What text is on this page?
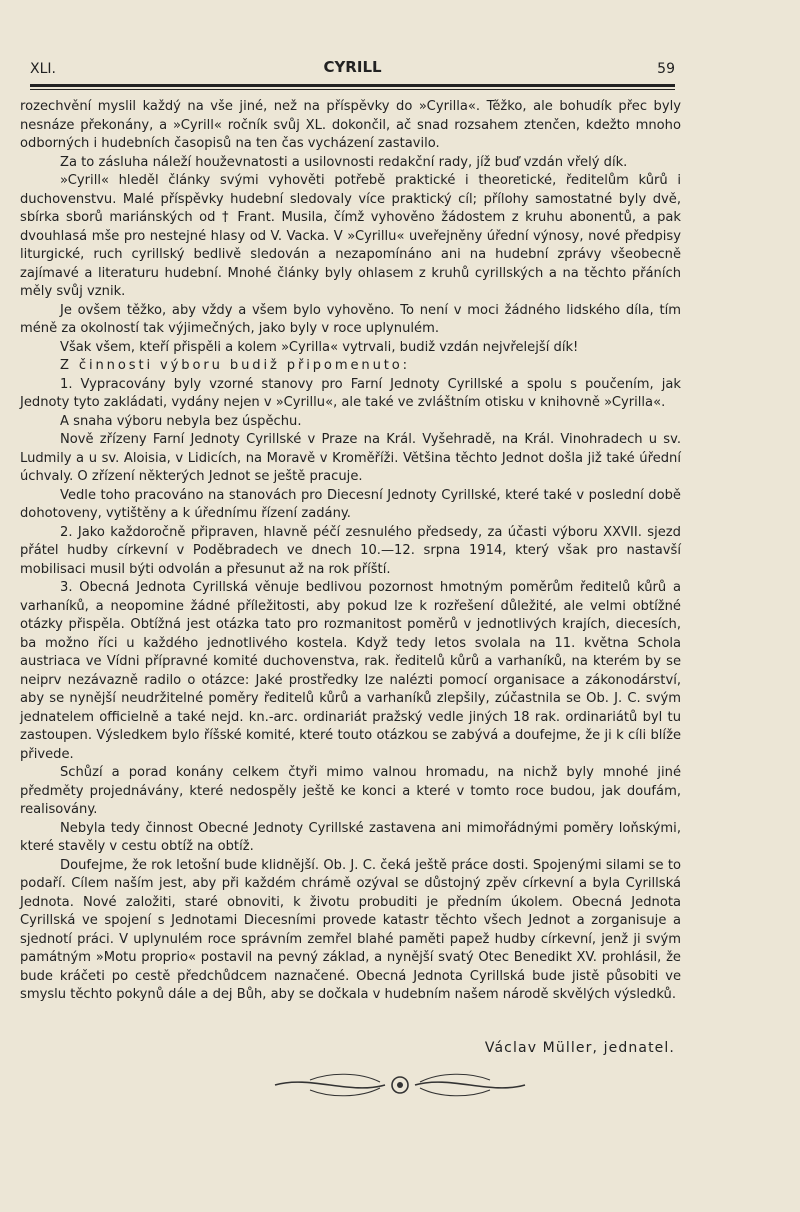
XLI.	CYRILL	59

rozechvění myslil každý na vše jiné, než na příspěvky do »Cyrilla«. Těžko, ale bohudík přec byly nesnáze překonány, a »Cyrill« ročník svůj XL. dokončil, ač snad rozsahem ztenčen, kdežto mnoho odborných i hudebních časopisů na ten čas vycházení zastavilo.

Za to zásluha náleží houževnatosti a usilovnosti redakční rady, jíž buď vzdán vřelý dík.

»Cyrill« hleděl články svými vyhověti potřebě praktické i theoretické, ředitelům kůrů i duchovenstvu. Malé příspěvky hudební sledovaly více praktický cíl; přílohy samostatné byly dvě, sbírka sborů mariánských od † Frant. Musila, čímž vyhověno žádostem z kruhu abonentů, a pak dvouhlasá mše pro nestejné hlasy od V. Vacka. V »Cyrillu« uveřejněny úřední výnosy, nové předpisy liturgické, ruch cyrillský bedlivě sledován a nezapomínáno ani na hudební zprávy všeobecně zajímavé a literaturu hudební. Mnohé články byly ohlasem z kruhů cyrillských a na těchto přáních měly svůj vznik.

Je ovšem těžko, aby vždy a všem bylo vyhověno. To není v moci žádného lidského díla, tím méně za okolností tak výjimečných, jako byly v roce uplynulém.

Však všem, kteří přispěli a kolem »Cyrilla« vytrvali, budiž vzdán nejvřelejší dík!

Z činnosti výboru budiž připomenuto:

1. Vypracovány byly vzorné stanovy pro Farní Jednoty Cyrillské a spolu s poučením, jak Jednoty tyto zakládati, vydány nejen v »Cyrillu«, ale také ve zvláštním otisku v knihovně »Cyrilla«.

A snaha výboru nebyla bez úspěchu.

Nově zřízeny Farní Jednoty Cyrillské v Praze na Král. Vyšehradě, na Král. Vinohradech u sv. Ludmily a u sv. Aloisia, v Lidicích, na Moravě v Kroměříži. Většina těchto Jednot došla již také úřední úchvaly. O zřízení některých Jednot se ještě pracuje.

Vedle toho pracováno na stanovách pro Diecesní Jednoty Cyrillské, které také v poslední době dohotoveny, vytištěny a k úřednímu řízení zadány.

2. Jako každoročně připraven, hlavně péčí zesnulého předsedy, za účasti výboru XXVII. sjezd přátel hudby církevní v Poděbradech ve dnech 10.—12. srpna 1914, který však pro nastavší mobilisaci musil býti odvolán a přesunut až na rok příští.

3. Obecná Jednota Cyrillská věnuje bedlivou pozornost hmotným poměrům ředitelů kůrů a varhaníků, a neopomine žádné příležitosti, aby pokud lze k rozřešení důležité, ale velmi obtížné otázky přispěla. Obtížná jest otázka tato pro rozmanitost poměrů v jednotlivých krajích, diecesích, ba možno říci u každého jednotlivého kostela. Když tedy letos svolala na 11. května Schola austriaca ve Vídni přípravné komité duchovenstva, rak. ředitelů kůrů a varhaníků, na kterém by se neiprv nezávazně radilo o otázce: Jaké prostředky lze nalézti pomocí organisace a zákonodárství, aby se nynější neudržitelné poměry ředitelů kůrů a varhaníků zlepšily, zúčastnila se Ob. J. C. svým jednatelem officielně a také nejd. kn.-arc. ordinariát pražský vedle jiných 18 rak. ordinariátů byl tu zastoupen. Výsledkem bylo říšské komité, které touto otázkou se zabývá a doufejme, že ji k cíli blíže přivede.

Schůzí a porad konány celkem čtyři mimo valnou hromadu, na nichž byly mnohé jiné předměty projednávány, které nedospěly ještě ke konci a které v tomto roce budou, jak doufám, realisovány.

Nebyla tedy činnost Obecné Jednoty Cyrillské zastavena ani mimořádnými poměry loňskými, které stavěly v cestu obtíž na obtíž.

Doufejme, že rok letošní bude klidnější. Ob. J. C. čeká ještě práce dosti. Spojenými silami se to podaří. Cílem naším jest, aby při každém chrámě ozýval se důstojný zpěv církevní a byla Cyrillská Jednota. Nové založiti, staré obnoviti, k životu probuditi je předním úkolem. Obecná Jednota Cyrillská ve spojení s Jednotami Diecesními provede katastr těchto všech Jednot a zorganisuje a sjednotí práci. V uplynulém roce správním zemřel blahé paměti papež hudby církevní, jenž ji svým památným »Motu proprio« postavil na pevný základ, a nynější svatý Otec Benedikt XV. prohlásil, že bude kráčeti po cestě předchůdcem naznačené. Obecná Jednota Cyrillská bude jistě působiti ve smyslu těchto pokynů dále a dej Bůh, aby se dočkala v hudebním našem národě skvělých výsledků.

Václav Müller, jednatel.
